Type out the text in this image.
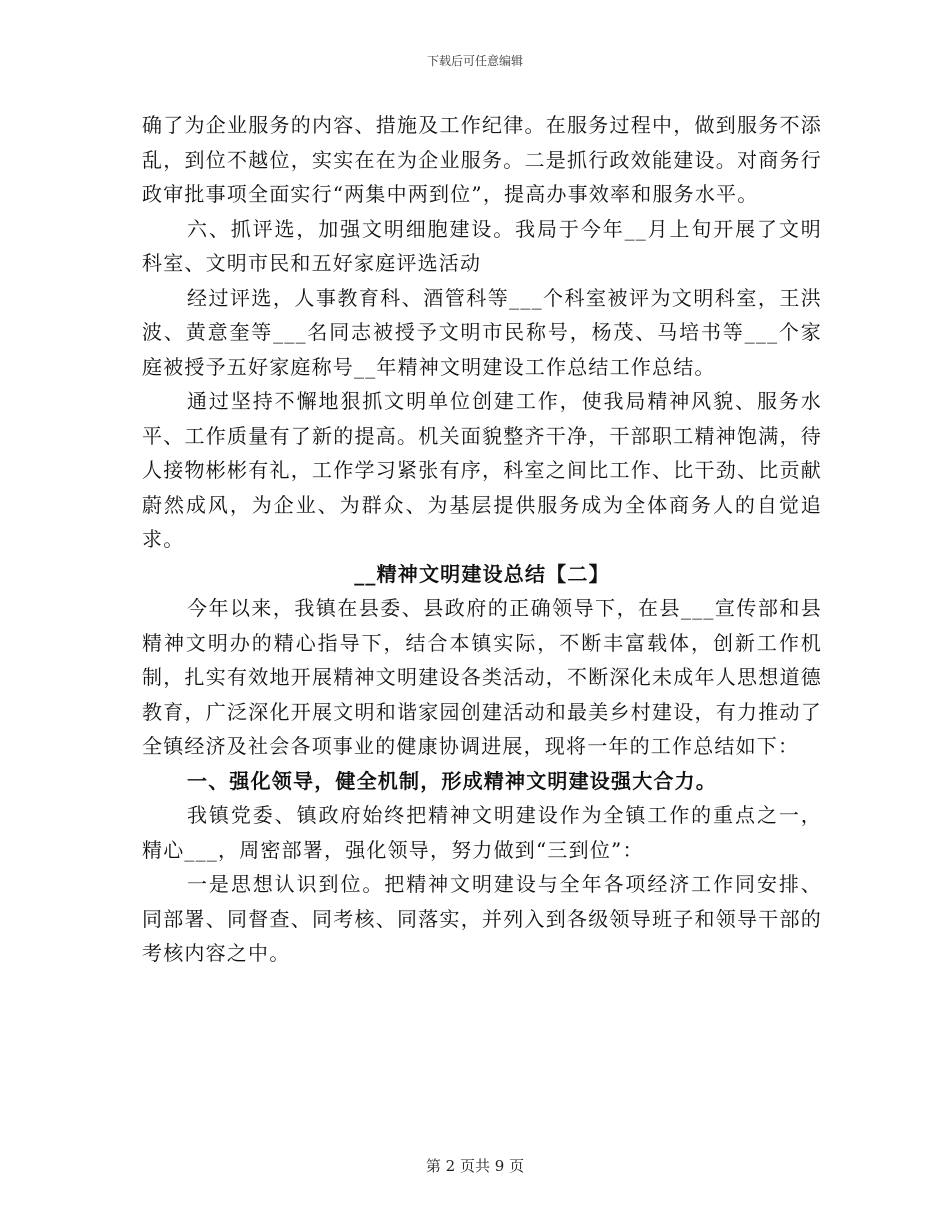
下载后可任意编辑

确了为企业服务的内容、措施及工作纪律。在服务过程中，做到服务不添乱，到位不越位，实实在在为企业服务。二是抓行政效能建设。对商务行政审批事项全面实行“两集中两到位”，提高办事效率和服务水平。

六、抓评选，加强文明细胞建设。我局于今年__月上旬开展了文明科室、文明市民和五好家庭评选活动

经过评选，人事教育科、酒管科等___个科室被评为文明科室，王洪波、黄意奎等___名同志被授予文明市民称号，杨茂、马培书等___个家庭被授予五好家庭称号__年精神文明建设工作总结工作总结。

通过坚持不懈地狠抓文明单位创建工作，使我局精神风貌、服务水平、工作质量有了新的提高。机关面貌整齐干净，干部职工精神饱满，待人接物彬彬有礼，工作学习紧张有序，科室之间比工作、比干劲、比贡献蔚然成风，为企业、为群众、为基层提供服务成为全体商务人的自觉追求。

__精神文明建设总结【二】

今年以来，我镇在县委、县政府的正确领导下，在县___宣传部和县精神文明办的精心指导下，结合本镇实际，不断丰富载体，创新工作机制，扎实有效地开展精神文明建设各类活动，不断深化未成年人思想道德教育，广泛深化开展文明和谐家园创建活动和最美乡村建设，有力推动了全镇经济及社会各项事业的健康协调进展，现将一年的工作总结如下：

一、强化领导，健全机制，形成精神文明建设强大合力。

我镇党委、镇政府始终把精神文明建设作为全镇工作的重点之一，精心___，周密部署，强化领导，努力做到“三到位”：

一是思想认识到位。把精神文明建设与全年各项经济工作同安排、同部署、同督查、同考核、同落实，并列入到各级领导班子和领导干部的考核内容之中。

第 2 页共 9 页
